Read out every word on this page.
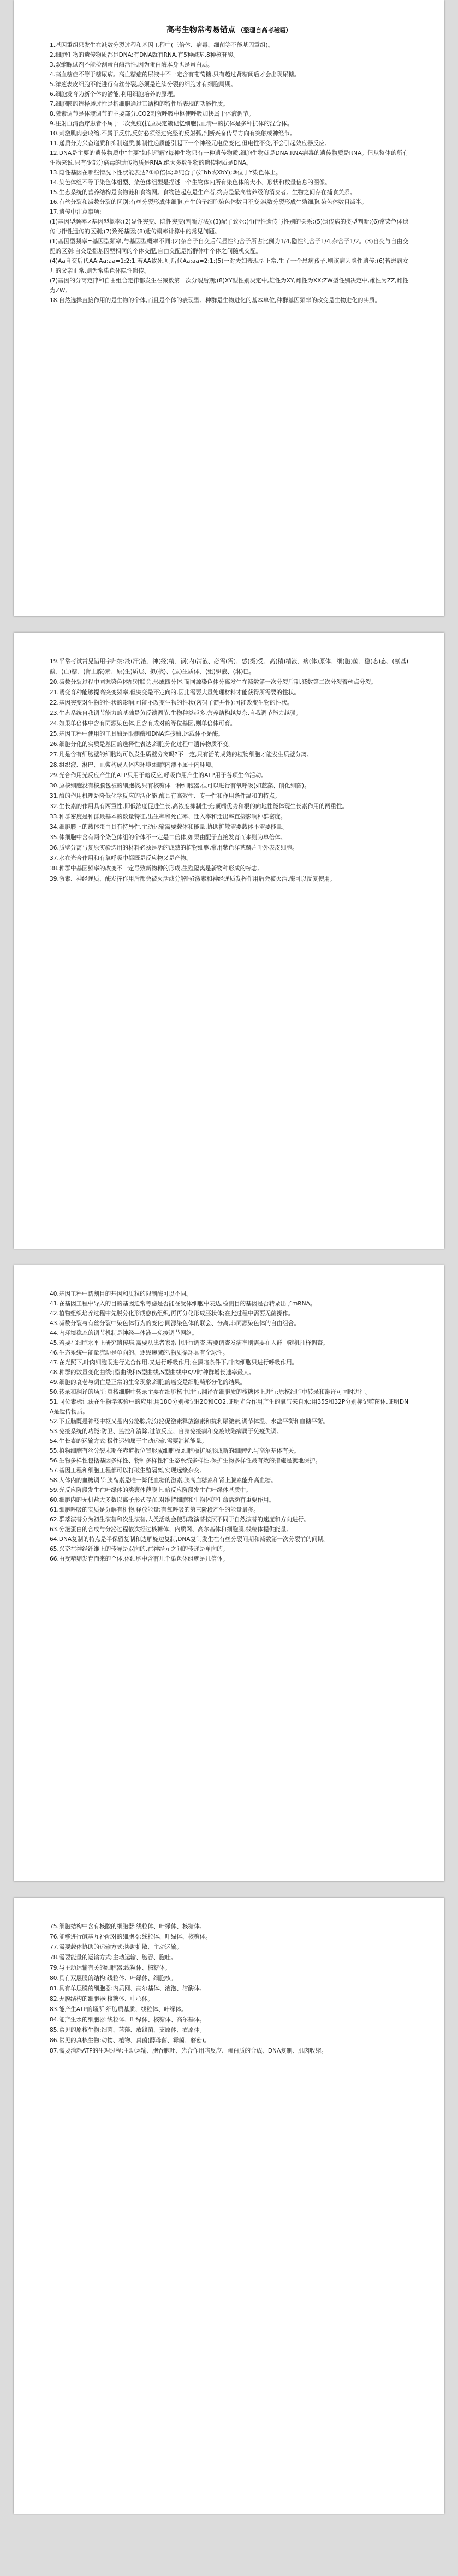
高考生物常考易错点 （整理自高考秘籍）

1.基因重组只发生在减数分裂过程和基因工程中(三倍体、病毒、细菌等不能基因重组)。

2.细胞生物的遗传物质都是DNA;有DNA就有RNA,有5种碱基,8种核苷酸。

3.双缩脲试剂不能检测蛋白酶活性,因为蛋白酶本身也是蛋白质。

4.高血糖症不等于糖尿病。高血糖症的尿液中不一定含有葡萄糖,只有超过肾糖阈后才会出现尿糖。

5.洋葱表皮细胞不能进行有丝分裂,必须是连续分裂的细胞才有细胞周期。

6.细胞发育为新个体的潜能,利用细胞培养的原理。

7.细胞膜的选择透过性是指细胞通过其结构的特性所表现的功能性质。

8.激素调节是体液调节的主要部分,CO2刺激呼吸中枢使呼吸加快属于体液调节。

9.注射血清治疗患者不属于二次免疫(抗原决定簇记忆细胞),血清中的抗体是多种抗体的混合体。

10.刺激肌肉会收缩,不属于反射,反射必须经过完整的反射弧,判断兴奋传导方向有突触或神经节。

11.递质分为兴奋递质和抑制递质,抑制性递质能引起下一个神经元电位变化,但电性不变,不会引起效应器反应。

12.DNA是主要的遗传物质中"主要"如何理解?每种生物只有一种遗传物质,细胞生物就是DNA,RNA病毒的遗传物质是RNA。但从整体的所有生物来说,只有少部分病毒的遗传物质是RNA,绝大多数生物的遗传物质是DNA。

13.隐性基因在哪些情况下性状能表达?①单倍体;②纯合子(如bb或XbY);③位于Y染色体上。

14.染色体组不等于染色体组型、染色体组型是描述一个生物体内所有染色体的大小、形状和数量信息的图像。

15.生态系统的营养结构是食物链和食物网。食物链起点是生产者,终点是最高营养级的消费者。生物之间存在捕食关系。

16.有丝分裂和减数分裂的区别:有丝分裂形成体细胞,产生的子细胞染色体数目不变;减数分裂形成生殖细胞,染色体数目减半。

17.遗传中注意事项:

(1)基因型频率≠基因型概率;(2)显性突变、隐性突变(判断方法);(3)配子致死;(4)伴性遗传与性别的关系;(5)遗传病的类型判断;(6)常染色体遗传与伴性遗传的区别;(7)致死基因;(8)遗传概率计算中的常见问题。

(1)基因型频率=基因型频率,与基因型概率不同;(2)杂合子自交后代显性纯合子所占比例为1/4,隐性纯合子1/4,杂合子1/2。(3)自交与自由交配的区别:自交是指基因型相同的个体交配,自由交配是指群体中个体之间随机交配。

(4)Aa自交后代AA:Aa:aa=1:2:1,若AA致死,则后代Aa:aa=2:1;(5)一对夫妇表现型正常,生了一个患病孩子,则该病为隐性遗传;(6)若患病女儿的父亲正常,则为常染色体隐性遗传。

(7)基因的分离定律和自由组合定律都发生在减数第一次分裂后期;(8)XY型性别决定中,雄性为XY,雌性为XX;ZW型性别决定中,雄性为ZZ,雌性为ZW。

18.自然选择直接作用的是生物的个体,而且是个体的表现型。种群是生物进化的基本单位,种群基因频率的改变是生物进化的实质。

19.平常考试常见错用字归纳:液(汗)液、神(经)精、锅(内)清液、必需(需)、感(摄)受、高(精)精液、病(体)原体、细(胞)菌、稳(态)态、(氨基)酸、(血)糖、(肾上腺)素、原(生)质层、拟(核)、(原)生质体、(组)织液、(淋)巴。

20.减数分裂过程中同源染色体配对联会,形成四分体,而同源染色体分离发生在减数第一次分裂后期,减数第二次分裂着丝点分裂。

21.诱变育种能够提高突变频率,但突变是不定向的,因此需要大量处理材料才能获得所需要的性状。

22.基因突变对生物的性状的影响:可能不改变生物的性状(密码子简并性);可能改变生物的性状。

23.生态系统自我调节能力的基础是负反馈调节,生物种类越多,营养结构越复杂,自我调节能力越强。

24.如果单倍体中含有同源染色体,且含有成对的等位基因,则单倍体可育。

25.基因工程中使用的工具酶是限制酶和DNA连接酶,运载体不是酶。

26.细胞分化的实质是基因的选择性表达,细胞分化过程中遗传物质不变。

27.凡是含有细胞壁的细胞均可以发生质壁分离吗?不一定,只有活的成熟的植物细胞才能发生质壁分离。

28.组织液、淋巴、血浆构成人体内环境;细胞内液不属于内环境。

29.光合作用光反应产生的ATP只用于暗反应,呼吸作用产生的ATP用于各项生命活动。

30.原核细胞没有核膜包被的细胞核,只有核糖体一种细胞器,但可以进行有氧呼吸(如蓝藻、硝化细菌)。

31.酶的作用机理是降低化学反应的活化能,酶具有高效性、专一性和作用条件温和的特点。

32.生长素的作用具有两重性,即低浓度促进生长,高浓度抑制生长;顶端优势和根的向地性能体现生长素作用的两重性。

33.种群密度是种群最基本的数量特征,出生率和死亡率、迁入率和迁出率直接影响种群密度。

34.细胞膜上的载体蛋白具有特异性,主动运输需要载体和能量,协助扩散需要载体不需要能量。

35.体细胞中含有两个染色体组的个体不一定是二倍体,如果由配子直接发育而来则为单倍体。

36.质壁分离与复原实验选用的材料必须是活的成熟的植物细胞,常用紫色洋葱鳞片叶外表皮细胞。

37.水在光合作用和有氧呼吸中都既是反应物又是产物。

38.种群中基因频率的改变不一定导致新物种的形成,生殖隔离是新物种形成的标志。

39.激素、神经递质、酶发挥作用后都会被灭活或分解吗?激素和神经递质发挥作用后会被灭活,酶可以反复使用。

40.基因工程中切割目的基因和质粒的限制酶可以不同。

41.在基因工程中导入的目的基因通常考虑是否能在受体细胞中表达,检测目的基因是否转录出了mRNA。

42.植物组织培养过程中先脱分化形成愈伤组织,再再分化形成胚状体;在此过程中需要无菌操作。

43.减数分裂与有丝分裂中染色体行为的变化:同源染色体的联会、分离,非同源染色体的自由组合。

44.内环境稳态的调节机制是神经—体液—免疫调节网络。

45.若要在细胞水平上研究遗传病,需要从患者家系中进行调查,若要调查发病率则需要在人群中随机抽样调查。

46.生态系统中能量流动是单向的、逐级递减的,物质循环具有全球性。

47.在光照下,叶肉细胞既进行光合作用,又进行呼吸作用;在黑暗条件下,叶肉细胞只进行呼吸作用。

48.种群的数量变化曲线:J型曲线和S型曲线,S型曲线中K/2时种群增长速率最大。

49.细胞的衰老与凋亡是正常的生命现象,细胞的癌变是细胞畸形分化的结果。

50.转录和翻译的场所:真核细胞中转录主要在细胞核中进行,翻译在细胞质的核糖体上进行;原核细胞中转录和翻译可同时进行。

51.同位素标记法在生物学实验中的应用:用18O分别标记H2O和CO2,证明光合作用产生的氧气来自水;用35S和32P分别标记噬菌体,证明DNA是遗传物质。

52.下丘脑既是神经中枢又是内分泌腺,能分泌促激素释放激素和抗利尿激素,调节体温、水盐平衡和血糖平衡。

53.免疫系统的功能:防卫、监控和清除,过敏反应、自身免疫病和免疫缺陷病属于免疫失调。

54.生长素的运输方式:极性运输属于主动运输,需要消耗能量。

55.植物细胞有丝分裂末期在赤道板位置形成细胞板,细胞板扩展形成新的细胞壁,与高尔基体有关。

56.生物多样性包括基因多样性、物种多样性和生态系统多样性,保护生物多样性最有效的措施是就地保护。

57.基因工程和细胞工程都可以打破生殖隔离,实现远缘杂交。

58.人体内的血糖调节:胰岛素是唯一降低血糖的激素,胰高血糖素和肾上腺素能升高血糖。

59.光反应阶段发生在叶绿体的类囊体薄膜上,暗反应阶段发生在叶绿体基质中。

60.细胞内的无机盐大多数以离子形式存在,对维持细胞和生物体的生命活动有重要作用。

61.细胞呼吸的实质是分解有机物,释放能量;有氧呼吸的第三阶段产生的能量最多。

62.群落演替分为初生演替和次生演替,人类活动会使群落演替按照不同于自然演替的速度和方向进行。

63.分泌蛋白的合成与分泌过程依次经过核糖体、内质网、高尔基体和细胞膜,线粒体提供能量。

64.DNA复制的特点是半保留复制和边解旋边复制,DNA复制发生在有丝分裂间期和减数第一次分裂前的间期。

65.兴奋在神经纤维上的传导是双向的,在神经元之间的传递是单向的。

66.由受精卵发育而来的个体,体细胞中含有几个染色体组就是几倍体。

75.细胞结构中含有核酸的细胞器:线粒体、叶绿体、核糖体。

76.能够进行碱基互补配对的细胞器:线粒体、叶绿体、核糖体。

77.需要载体协助的运输方式:协助扩散、主动运输。

78.需要能量的运输方式:主动运输、胞吞、胞吐。

79.与主动运输有关的细胞器:线粒体、核糖体。

80.具有双层膜的结构:线粒体、叶绿体、细胞核。

81.具有单层膜的细胞器:内质网、高尔基体、液泡、溶酶体。

82.无膜结构的细胞器:核糖体、中心体。

83.能产生ATP的场所:细胞质基质、线粒体、叶绿体。

84.能产生水的细胞器:线粒体、叶绿体、核糖体、高尔基体。

85.常见的原核生物:细菌、蓝藻、放线菌、支原体、衣原体。

86.常见的真核生物:动物、植物、真菌(酵母菌、霉菌、蘑菇)。

87.需要消耗ATP的生理过程:主动运输、胞吞胞吐、光合作用暗反应、蛋白质的合成、DNA复制、肌肉收缩。
